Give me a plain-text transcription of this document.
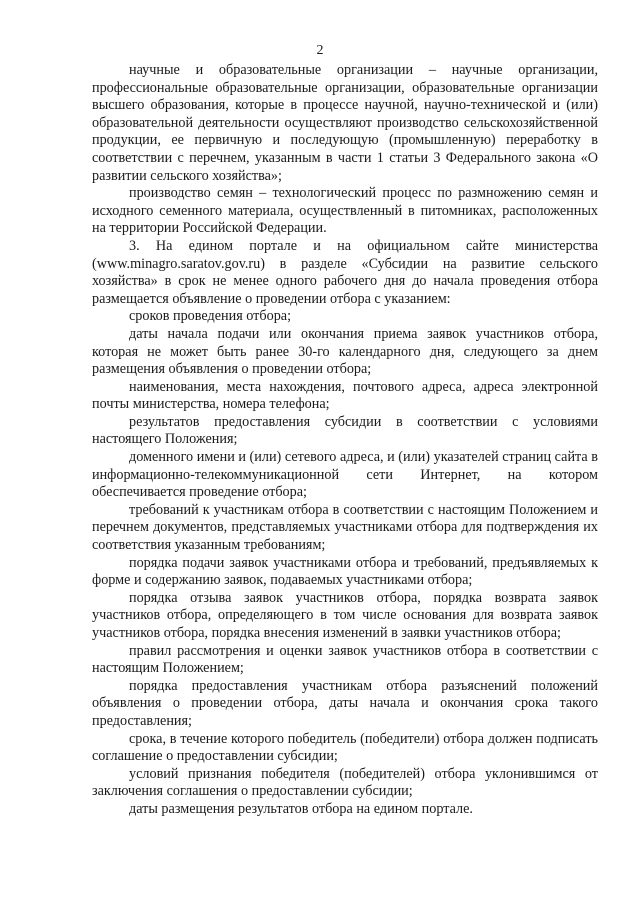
2

научные и образовательные организации – научные организации, профессиональные образовательные организации, образовательные организации высшего образования, которые в процессе научной, научно-технической и (или) образовательной деятельности осуществляют производство сельскохозяйственной продукции, ее первичную и последующую (промышленную) переработку в соответствии с перечнем, указанным в части 1 статьи 3 Федерального закона «О развитии сельского хозяйства»;

производство семян – технологический процесс по размножению семян и исходного семенного материала, осуществленный в питомниках, расположенных на территории Российской Федерации.

3. На едином портале и на официальном сайте министерства (www.minagro.saratov.gov.ru) в разделе «Субсидии на развитие сельского хозяйства» в срок не менее одного рабочего дня до начала проведения отбора размещается объявление о проведении отбора с указанием:

сроков проведения отбора;

даты начала подачи или окончания приема заявок участников отбора, которая не может быть ранее 30-го календарного дня, следующего за днем размещения объявления о проведении отбора;

наименования, места нахождения, почтового адреса, адреса электронной почты министерства, номера телефона;

результатов предоставления субсидии в соответствии с условиями настоящего Положения;

доменного имени и (или) сетевого адреса, и (или) указателей страниц сайта в информационно-телекоммуникационной сети Интернет, на котором обеспечивается проведение отбора;

требований к участникам отбора в соответствии с настоящим Положением и перечнем документов, представляемых участниками отбора для подтверждения их соответствия указанным требованиям;

порядка подачи заявок участниками отбора и требований, предъявляемых к форме и содержанию заявок, подаваемых участниками отбора;

порядка отзыва заявок участников отбора, порядка возврата заявок участников отбора, определяющего в том числе основания для возврата заявок участников отбора, порядка внесения изменений в заявки участников отбора;

правил рассмотрения и оценки заявок участников отбора в соответствии с настоящим Положением;

порядка предоставления участникам отбора разъяснений положений объявления о проведении отбора, даты начала и окончания срока такого предоставления;

срока, в течение которого победитель (победители) отбора должен подписать соглашение о предоставлении субсидии;

условий признания победителя (победителей) отбора уклонившимся от заключения соглашения о предоставлении субсидии;

даты размещения результатов отбора на едином портале.
